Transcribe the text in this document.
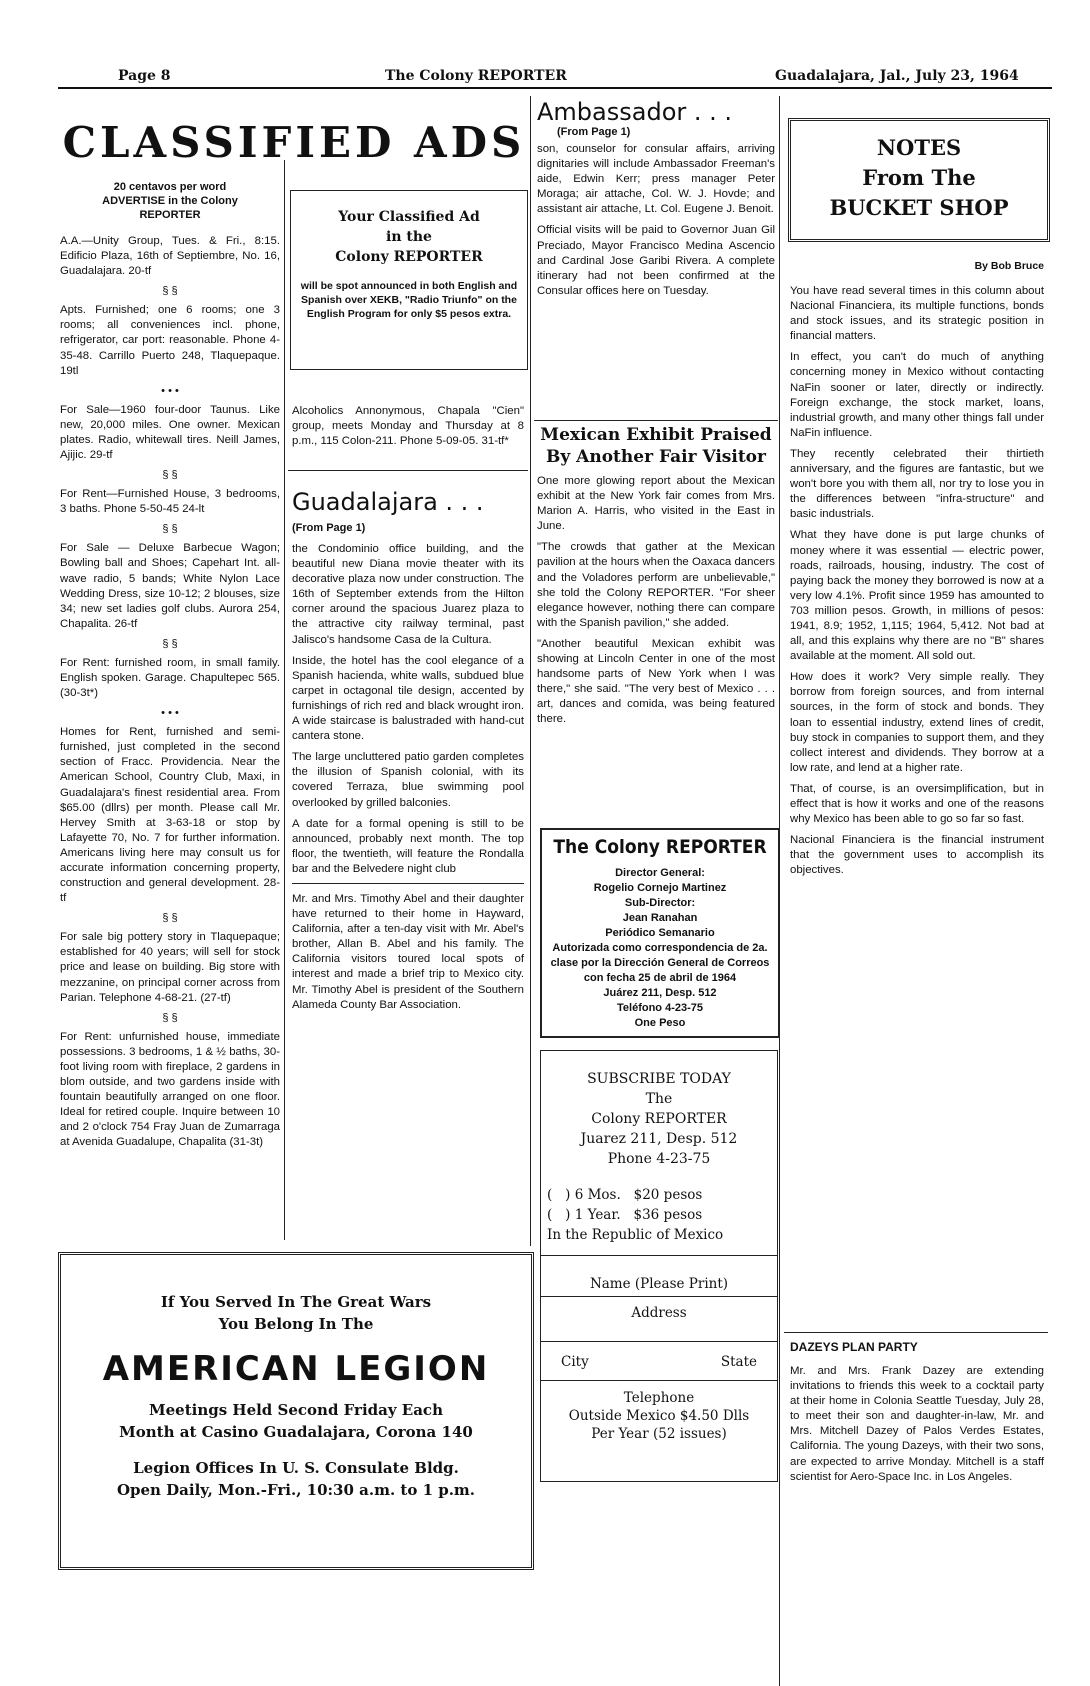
Page 8	The Colony REPORTER	Guadalajara, Jal., July 23, 1964
CLASSIFIED ADS
20 centavos per word
ADVERTISE in the Colony
REPORTER

A.A.—Unity Group, Tues. & Fri., 8:15. Edificio Plaza, 16th of Septiembre, No. 16, Guadalajara. 20-tf

§ §

Apts. Furnished; one 6 rooms; one 3 rooms; all conveniences incl. phone, refrigerator, car port: reasonable. Phone 4-35-48. Carrillo Puerto 248, Tlaquepaque. 19tl

• • •

For Sale—1960 four-door Taunus. Like new, 20,000 miles. One owner. Mexican plates. Radio, whitewall tires. Neill James, Ajijic. 29-tf

§ §

For Rent—Furnished House, 3 bedrooms, 3 baths. Phone 5-50-45 24-lt

§ §

For Sale — Deluxe Barbecue Wagon; Bowling ball and Shoes; Capehart Int. all-wave radio, 5 bands; White Nylon Lace Wedding Dress, size 10-12; 2 blouses, size 34; new set ladies golf clubs. Aurora 254, Chapalita. 26-tf

§ §

For Rent: furnished room, in small family. English spoken. Garage. Chapultepec 565. (30-3t*)

• • •

Homes for Rent, furnished and semi-furnished, just completed in the second section of Fracc. Providencia. Near the American School, Country Club, Maxi, in Guadalajara's finest residential area. From $65.00 (dllrs) per month. Please call Mr. Hervey Smith at 3-63-18 or stop by Lafayette 70, No. 7 for further information. Americans living here may consult us for accurate information concerning property, construction and general development. 28-tf

§ §

For sale big pottery story in Tlaquepaque; established for 40 years; will sell for stock price and lease on building. Big store with mezzanine, on principal corner across from Parian. Telephone 4-68-21. (27-tf)

§ §

For Rent: unfurnished house, immediate possessions. 3 bedrooms, 1 & ½ baths, 30-foot living room with fireplace, 2 gardens in blom outside, and two gardens inside with fountain beautifully arranged on one floor. Ideal for retired couple. Inquire between 10 and 2 o'clock 754 Fray Juan de Zumarraga at Avenida Guadalupe, Chapalita (31-3t)

Your Classified Ad
in the
Colony REPORTER
will be spot announced in both English and Spanish over XEKB, "Radio Triunfo" on the English Program for only $5 pesos extra.

Alcoholics Annonymous, Chapala "Cien" group, meets Monday and Thursday at 8 p.m., 115 Colon-211. Phone 5-09-05. 31-tf*

Guadalajara . . .
(From Page 1)

the Condominio office building, and the beautiful new Diana movie theater with its decorative plaza now under construction. The 16th of September extends from the Hilton corner around the spacious Juarez plaza to the attractive city railway terminal, past Jalisco's handsome Casa de la Cultura.

Inside, the hotel has the cool elegance of a Spanish hacienda, white walls, subdued blue carpet in octagonal tile design, accented by furnishings of rich red and black wrought iron. A wide staircase is balustraded with hand-cut cantera stone.

The large uncluttered patio garden completes the illusion of Spanish colonial, with its covered Terraza, blue swimming pool overlooked by grilled balconies.

A date for a formal opening is still to be announced, probably next month. The top floor, the twentieth, will feature the Rondalla bar and the Belvedere night club

Mr. and Mrs. Timothy Abel and their daughter have returned to their home in Hayward, California, after a ten-day visit with Mr. Abel's brother, Allan B. Abel and his family. The California visitors toured local spots of interest and made a brief trip to Mexico city. Mr. Timothy Abel is president of the Southern Alameda County Bar Association.

Ambassador . . .
(From Page 1)

son, counselor for consular affairs, arriving dignitaries will include Ambassador Freeman's aide, Edwin Kerr; press manager Peter Moraga; air attache, Col. W. J. Hovde; and assistant air attache, Lt. Col. Eugene J. Benoit.

Official visits will be paid to Governor Juan Gil Preciado, Mayor Francisco Medina Ascencio and Cardinal Jose Garibi Rivera. A complete itinerary had not been confirmed at the Consular offices here on Tuesday.

Mexican Exhibit Praised By Another Fair Visitor

One more glowing report about the Mexican exhibit at the New York fair comes from Mrs. Marion A. Harris, who visited in the East in June.

"The crowds that gather at the Mexican pavilion at the hours when the Oaxaca dancers and the Voladores perform are unbelievable," she told the Colony REPORTER. "For sheer elegance however, nothing there can compare with the Spanish pavilion," she added.

"Another beautiful Mexican exhibit was showing at Lincoln Center in one of the most handsome parts of New York when I was there," she said. "The very best of Mexico . . . art, dances and comida, was being featured there.

The Colony REPORTER
Director General:
Rogelio Cornejo Martinez
Sub-Director:
Jean Ranahan
Periódico Semanario
Autorizada como correspondencia de 2a. clase por la Dirección General de Correos con fecha 25 de abril de 1964
Juárez 211, Desp. 512
Teléfono 4-23-75
One Peso
SUBSCRIBE TODAY
The
Colony REPORTER
Juarez 211, Desp. 512
Phone 4-23-75
(   ) 6 Mos.   $20 pesos
(   ) 1 Year.   $36 pesos
In the Republic of Mexico
Name (Please Print)
Address
City	State
Telephone
Outside Mexico $4.50 Dlls
Per Year (52 issues)
If You Served In The Great Wars
You Belong In The
AMERICAN LEGION
Meetings Held Second Friday Each
Month at Casino Guadalajara, Corona 140
Legion Offices In U. S. Consulate Bldg.
Open Daily, Mon.-Fri., 10:30 a.m. to 1 p.m.
NOTES
From The
BUCKET SHOP
By Bob Bruce

You have read several times in this column about Nacional Financiera, its multiple functions, bonds and stock issues, and its strategic position in financial matters.

In effect, you can't do much of anything concerning money in Mexico without contacting NaFin sooner or later, directly or indirectly. Foreign exchange, the stock market, loans, industrial growth, and many other things fall under NaFin influence.

They recently celebrated their thirtieth anniversary, and the figures are fantastic, but we won't bore you with them all, nor try to lose you in the differences between "infra-structure" and basic industrials.

What they have done is put large chunks of money where it was essential — electric power, roads, railroads, housing, industry. The cost of paying back the money they borrowed is now at a very low 4.1%. Profit since 1959 has amounted to 703 million pesos. Growth, in millions of pesos: 1941, 8.9; 1952, 1,115; 1964, 5,412. Not bad at all, and this explains why there are no "B" shares available at the moment. All sold out.

How does it work? Very simple really. They borrow from foreign sources, and from internal sources, in the form of stock and bonds. They loan to essential industry, extend lines of credit, buy stock in companies to support them, and they collect interest and dividends. They borrow at a low rate, and lend at a higher rate.

That, of course, is an oversimplification, but in effect that is how it works and one of the reasons why Mexico has been able to go so far so fast.

Nacional Financiera is the financial instrument that the government uses to accomplish its objectives.

DAZEYS PLAN PARTY

Mr. and Mrs. Frank Dazey are extending invitations to friends this week to a cocktail party at their home in Colonia Seattle Tuesday, July 28, to meet their son and daughter-in-law, Mr. and Mrs. Mitchell Dazey of Palos Verdes Estates, California. The young Dazeys, with their two sons, are expected to arrive Monday. Mitchell is a staff scientist for Aero-Space Inc. in Los Angeles.
